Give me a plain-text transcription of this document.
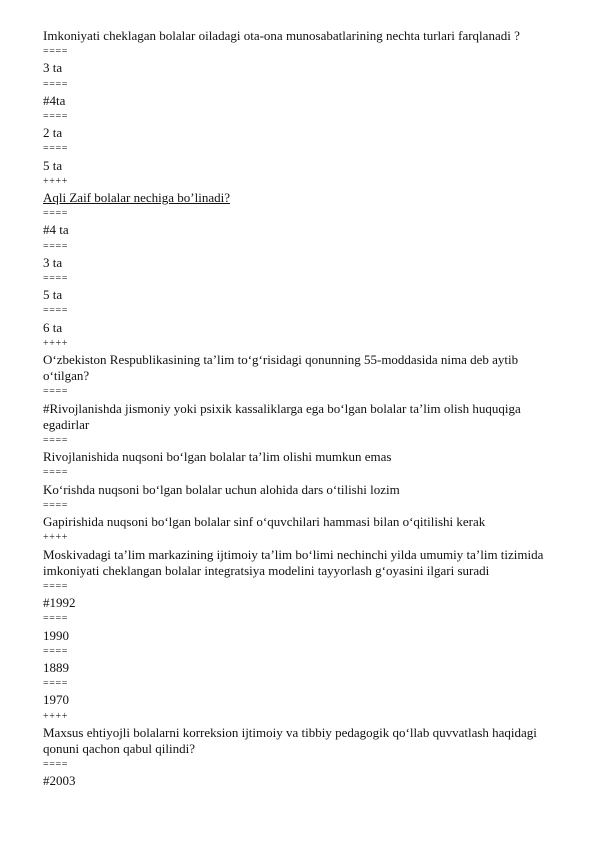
Imkoniyati cheklagan bolalar oiladagi ota-ona munosabatlarining nechta turlari farqlanadi ?
====
3 ta
====
#4ta
====
2 ta
====
5 ta
++++
Aqli Zaif bolalar nechiga bo’linadi?
====
#4 ta
====
3 ta
====
5 ta
====
6 ta
++++
O‘zbekiston Respublikasining ta’lim to‘g‘risidagi qonunning 55-moddasida nima deb aytib o‘tilgan?
====
#Rivojlanishda jismoniy yoki psixik kassaliklarga ega bo‘lgan bolalar ta’lim olish huquqiga egadirlar
====
Rivojlanishida nuqsoni bo‘lgan bolalar ta’lim olishi mumkun emas
====
Ko‘rishda nuqsoni bo‘lgan bolalar uchun alohida dars o‘tilishi lozim
====
Gapirishida nuqsoni bo‘lgan bolalar sinf o‘quvchilari hammasi bilan o‘qitilishi kerak
++++
Moskivadagi ta’lim markazining ijtimoiy ta’lim bo‘limi nechinchi yilda umumiy ta’lim tizimida imkoniyati cheklangan bolalar integratsiya modelini tayyorlash g‘oyasini ilgari suradi
====
#1992
====
1990
====
1889
====
1970
++++
Maxsus ehtiyojli bolalarni korreksion ijtimoiy va tibbiy pedagogik qo‘llab quvvatlash haqidagi qonuni qachon qabul qilindi?
====
#2003
